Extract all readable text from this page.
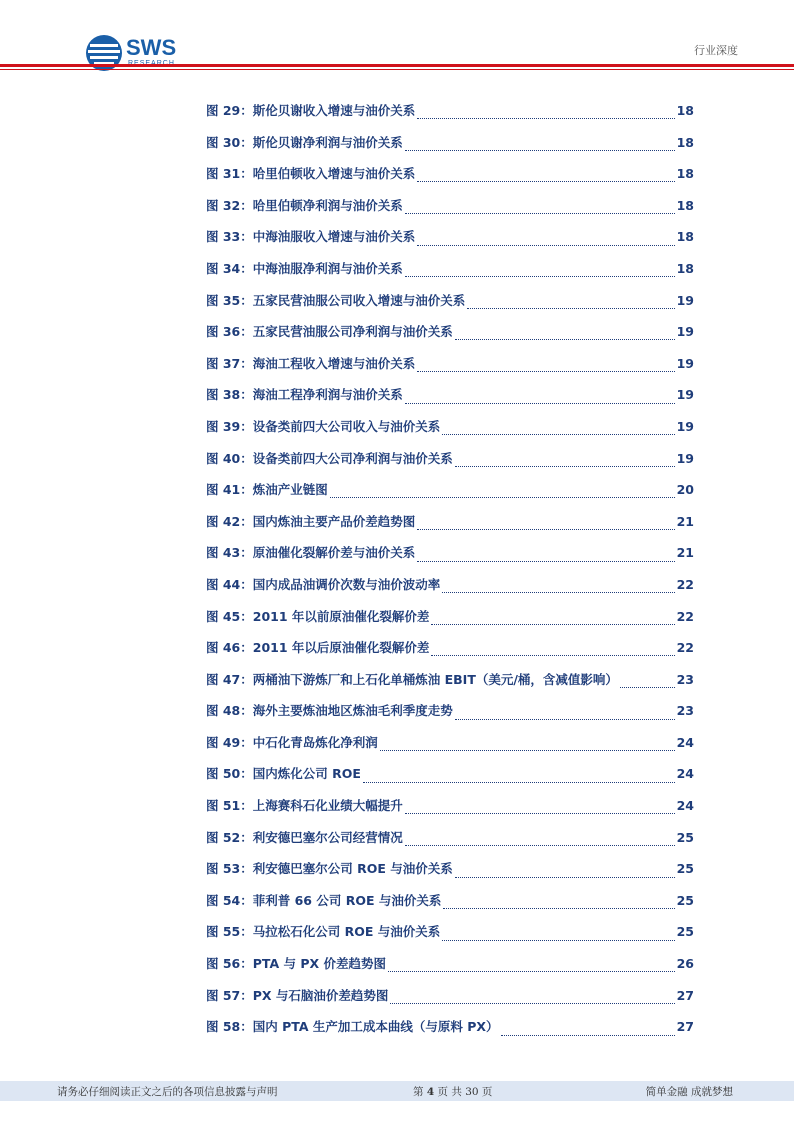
SWS	行业深度
图 29：斯伦贝谢收入增速与油价关系	18
图 30：斯伦贝谢净利润与油价关系	18
图 31：哈里伯顿收入增速与油价关系	18
图 32：哈里伯顿净利润与油价关系	18
图 33：中海油服收入增速与油价关系	18
图 34：中海油服净利润与油价关系	18
图 35：五家民营油服公司收入增速与油价关系	19
图 36：五家民营油服公司净利润与油价关系	19
图 37：海油工程收入增速与油价关系	19
图 38：海油工程净利润与油价关系	19
图 39：设备类前四大公司收入与油价关系	19
图 40：设备类前四大公司净利润与油价关系	19
图 41：炼油产业链图	20
图 42：国内炼油主要产品价差趋势图	21
图 43：原油催化裂解价差与油价关系	21
图 44：国内成品油调价次数与油价波动率	22
图 45：2011 年以前原油催化裂解价差	22
图 46：2011 年以后原油催化裂解价差	22
图 47：两桶油下游炼厂和上石化单桶炼油 EBIT（美元/桶，含减值影响）	23
图 48：海外主要炼油地区炼油毛利季度走势	23
图 49：中石化青岛炼化净利润	24
图 50：国内炼化公司 ROE	24
图 51：上海赛科石化业绩大幅提升	24
图 52：利安德巴塞尔公司经营情况	25
图 53：利安德巴塞尔公司 ROE 与油价关系	25
图 54：菲利普 66 公司 ROE 与油价关系	25
图 55：马拉松石化公司 ROE 与油价关系	25
图 56：PTA 与 PX 价差趋势图	26
图 57：PX 与石脑油价差趋势图	27
图 58：国内 PTA 生产加工成本曲线（与原料 PX）	27
请务必仔细阅读正文之后的各项信息披露与声明	第 4 页 共 30 页	简单金融 成就梦想
